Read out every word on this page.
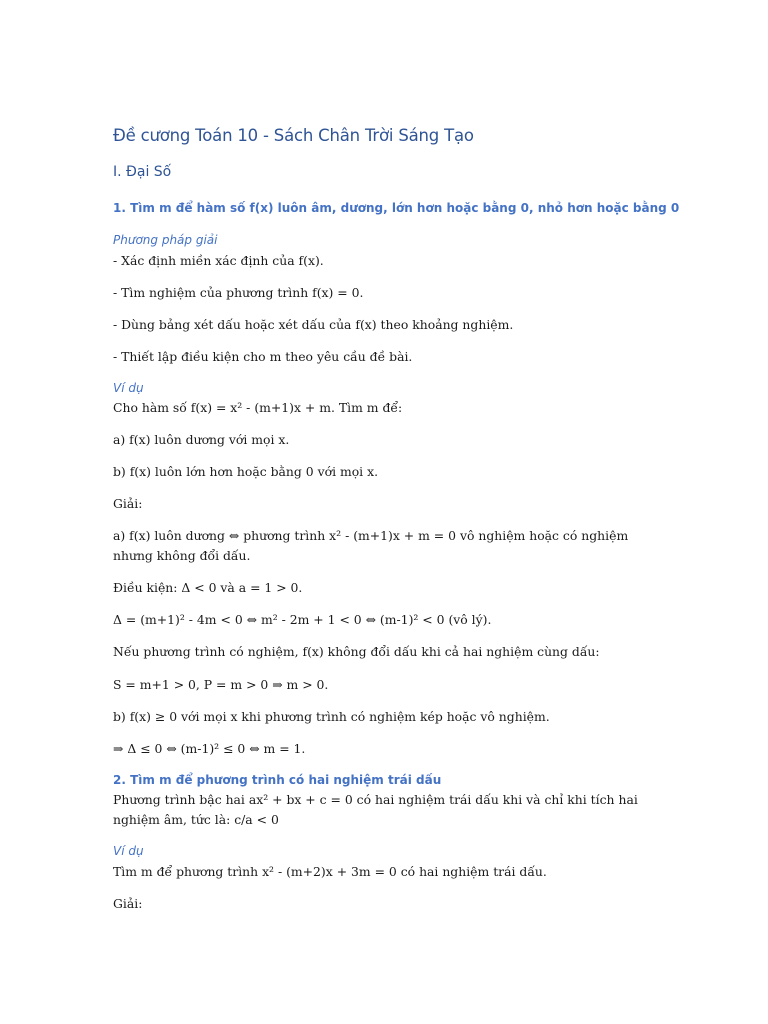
Đề cương Toán 10 - Sách Chân Trời Sáng Tạo
I. Đại Số
1. Tìm m để hàm số f(x) luôn âm, dương, lớn hơn hoặc bằng 0, nhỏ hơn hoặc bằng 0
Phương pháp giải
- Xác định miền xác định của f(x).
- Tìm nghiệm của phương trình f(x) = 0.
- Dùng bảng xét dấu hoặc xét dấu của f(x) theo khoảng nghiệm.
- Thiết lập điều kiện cho m theo yêu cầu đề bài.
Ví dụ
Cho hàm số f(x) = x² - (m+1)x + m. Tìm m để:
a) f(x) luôn dương với mọi x.
b) f(x) luôn lớn hơn hoặc bằng 0 với mọi x.
Giải:
a) f(x) luôn dương ⇔ phương trình x² - (m+1)x + m = 0 vô nghiệm hoặc có nghiệm nhưng không đổi dấu.
Điều kiện: Δ < 0 và a = 1 > 0.
Δ = (m+1)² - 4m < 0 ⇔ m² - 2m + 1 < 0 ⇔ (m-1)² < 0 (vô lý).
Nếu phương trình có nghiệm, f(x) không đổi dấu khi cả hai nghiệm cùng dấu:
S = m+1 > 0, P = m > 0 ⇒ m > 0.
b) f(x) ≥ 0 với mọi x khi phương trình có nghiệm kép hoặc vô nghiệm.
⇒ Δ ≤ 0 ⇔ (m-1)² ≤ 0 ⇔ m = 1.
2. Tìm m để phương trình có hai nghiệm trái dấu
Phương trình bậc hai ax² + bx + c = 0 có hai nghiệm trái dấu khi và chỉ khi tích hai nghiệm âm, tức là: c/a < 0
Ví dụ
Tìm m để phương trình x² - (m+2)x + 3m = 0 có hai nghiệm trái dấu.
Giải:
